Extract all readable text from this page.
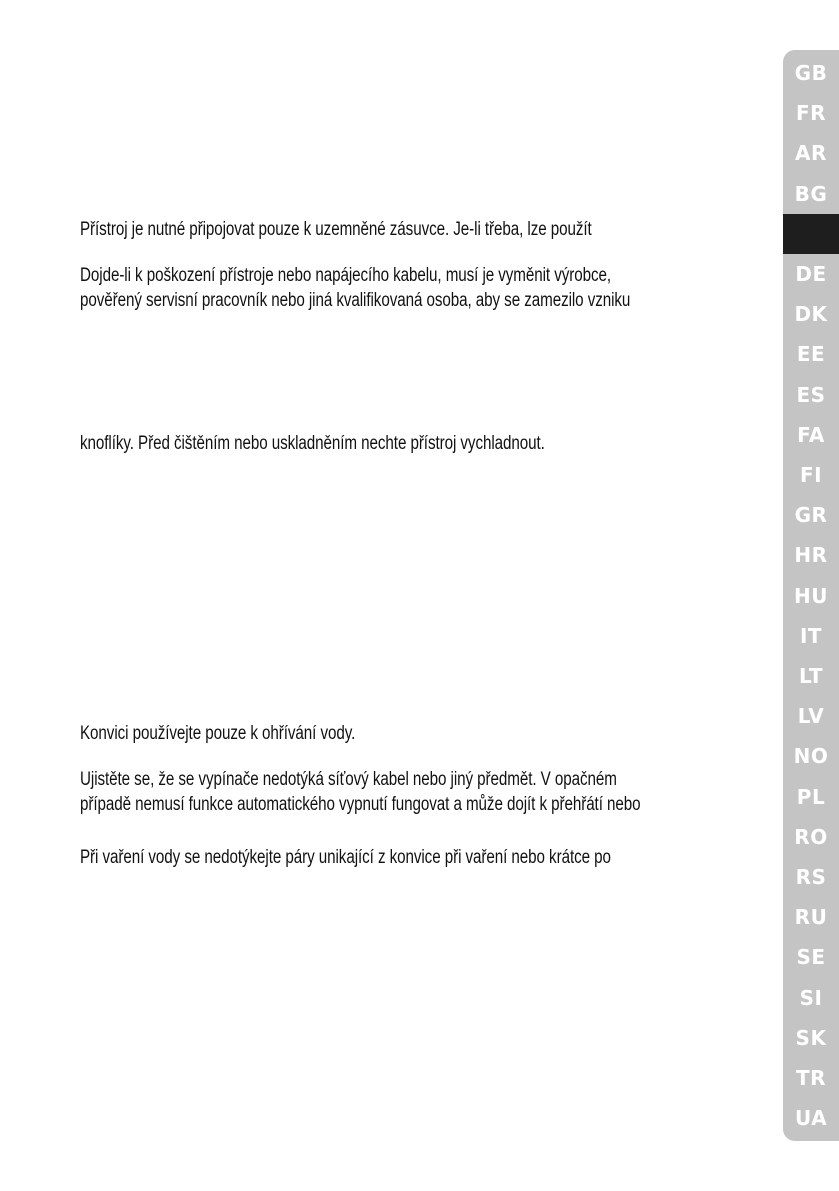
Přístroj je nutné připojovat pouze k uzemněné zásuvce. Je-li třeba, lze použít
Dojde-li k poškození přístroje nebo napájecího kabelu, musí je vyměnit výrobce,
pověřený servisní pracovník nebo jiná kvalifikovaná osoba, aby se zamezilo vzniku
knoflíky. Před čištěním nebo uskladněním nechte přístroj vychladnout.
Konvici používejte pouze k ohřívání vody.
Ujistěte se, že se vypínače nedotýká síťový kabel nebo jiný předmět. V opačném
případě nemusí funkce automatického vypnutí fungovat a může dojít k přehřátí nebo
Při vaření vody se nedotýkejte páry unikající z konvice při vaření nebo krátce po
GB
FR
AR
BG
DE
DK
EE
ES
FA
FI
GR
HR
HU
IT
LT
LV
NO
PL
RO
RS
RU
SE
SI
SK
TR
UA
